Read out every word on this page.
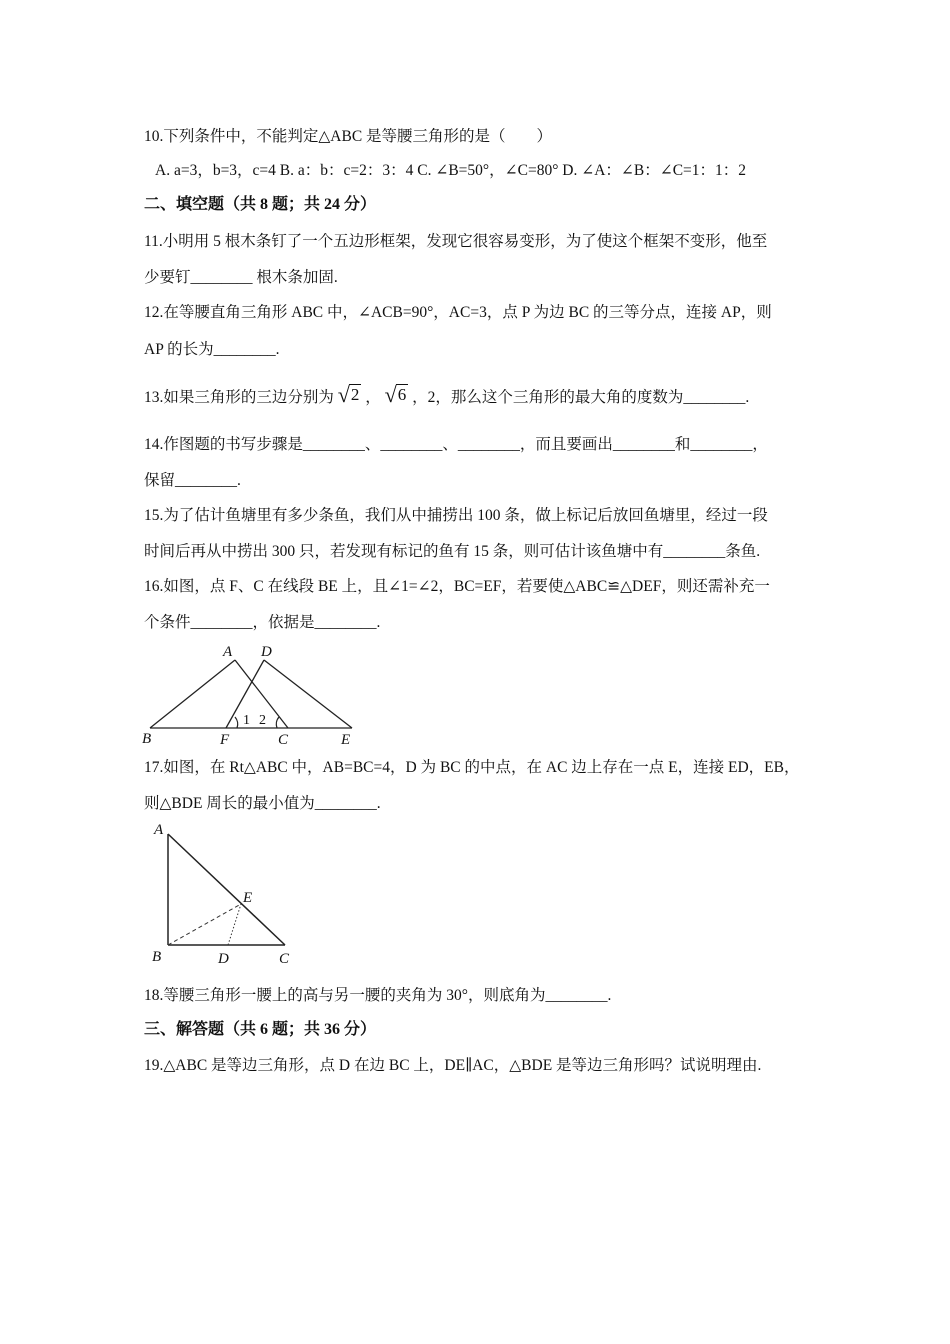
10.下列条件中，不能判定△ABC 是等腰三角形的是（　　）
A. a=3，b=3，c=4 B. a：b：c=2：3：4 C. ∠B=50°，∠C=80° D. ∠A：∠B：∠C=1：1：2
二、填空题（共 8 题；共 24 分）
11.小明用 5 根木条钉了一个五边形框架，发现它很容易变形，为了使这个框架不变形，他至
少要钉________ 根木条加固.
12.在等腰直角三角形 ABC 中，∠ACB=90°，AC=3，点 P 为边 BC 的三等分点，连接 AP，则
AP 的长为________.
13.如果三角形的三边分别为 √2 ， √6 ，2，那么这个三角形的最大角的度数为________.
14.作图题的书写步骤是________、________、________，而且要画出________和________，
保留________.
15.为了估计鱼塘里有多少条鱼，我们从中捕捞出 100 条，做上标记后放回鱼塘里，经过一段
时间后再从中捞出 300 只，若发现有标记的鱼有 15 条，则可估计该鱼塘中有________条鱼.
16.如图，点 F、C 在线段 BE 上，且∠1=∠2，BC=EF，若要使△ABC≌△DEF，则还需补充一
个条件________，依据是________.
A D
B	F	C	E
1 2
17.如图，在 Rt△ABC 中，AB=BC=4，D 为 BC 的中点，在 AC 边上存在一点 E，连接 ED，EB，
则△BDE 周长的最小值为________.
A
B	D	C
E
18.等腰三角形一腰上的高与另一腰的夹角为 30°，则底角为________.
三、解答题（共 6 题；共 36 分）
19.△ABC 是等边三角形，点 D 在边 BC 上，DE∥AC，△BDE 是等边三角形吗？试说明理由.
